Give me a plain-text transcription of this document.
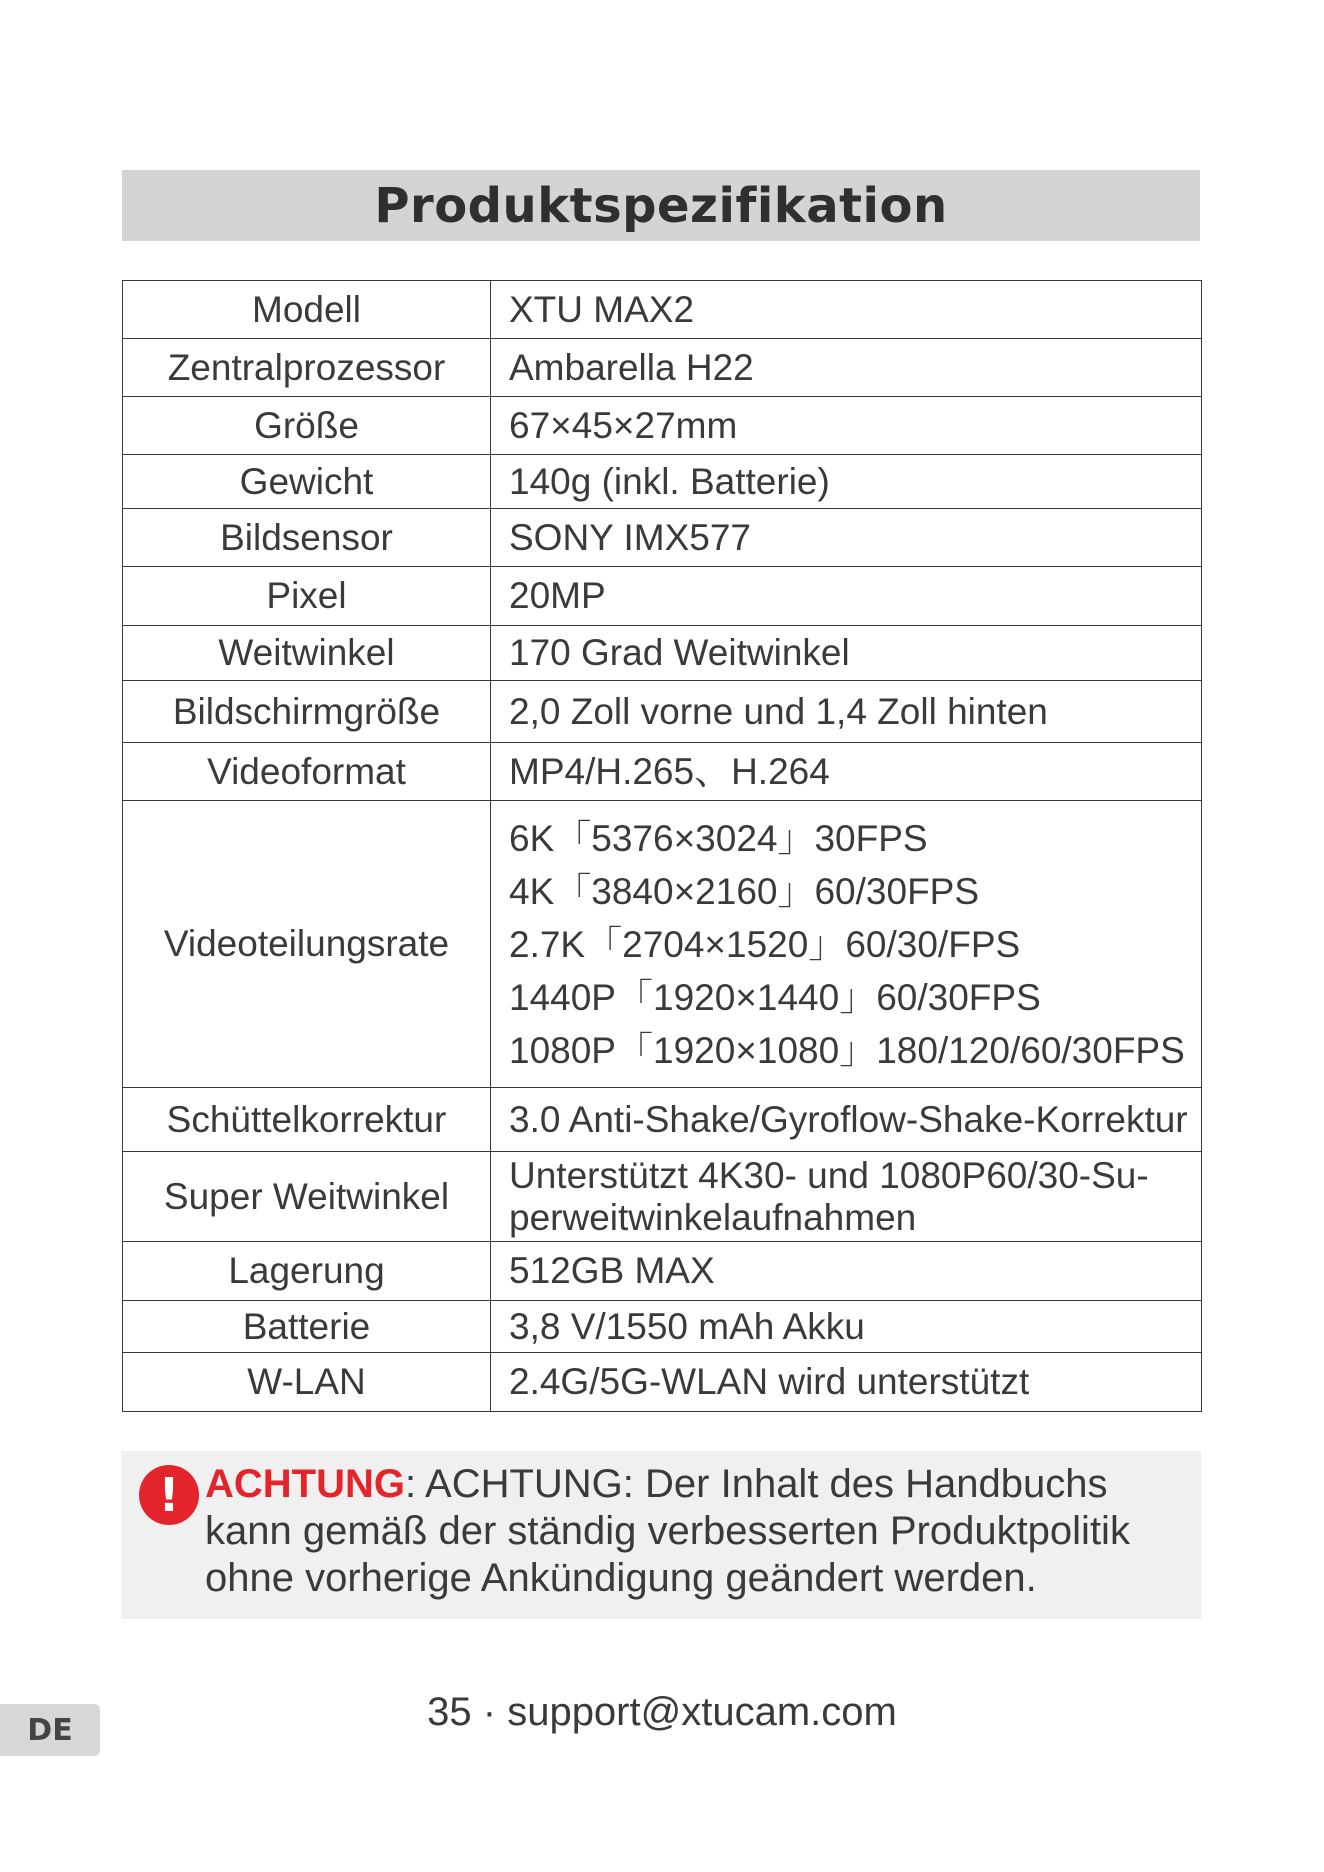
Produktspezifikation
Modell	XTU MAX2
Zentralprozessor	Ambarella H22
Größe	67×45×27mm
Gewicht	140g (inkl. Batterie)
Bildsensor	SONY IMX577
Pixel	20MP
Weitwinkel	170 Grad Weitwinkel
Bildschirmgröße	2,0 Zoll vorne und 1,4 Zoll hinten
Videoformat	MP4/H.265、H.264
Videoteilungsrate	6K「5376×3024」30FPS
4K「3840×2160」60/30FPS
2.7K「2704×1520」60/30/FPS
1440P「1920×1440」60/30FPS
1080P「1920×1080」180/120/60/30FPS

Schüttelkorrektur	3.0 Anti-Shake/Gyroflow-Shake-Korrektur
Super Weitwinkel	Unterstützt 4K30- und 1080P60/30-Su-perweitwinkelaufnahmen
Lagerung	512GB MAX
Batterie	3,8 V/1550 mAh Akku
W-LAN	2.4G/5G-WLAN wird unterstützt
! ACHTUNG: ACHTUNG: Der Inhalt des Handbuchs kann gemäß der ständig verbesserten Produktpolitik ohne vorherige Ankündigung geändert werden.
35 · support@xtucam.com
DE
